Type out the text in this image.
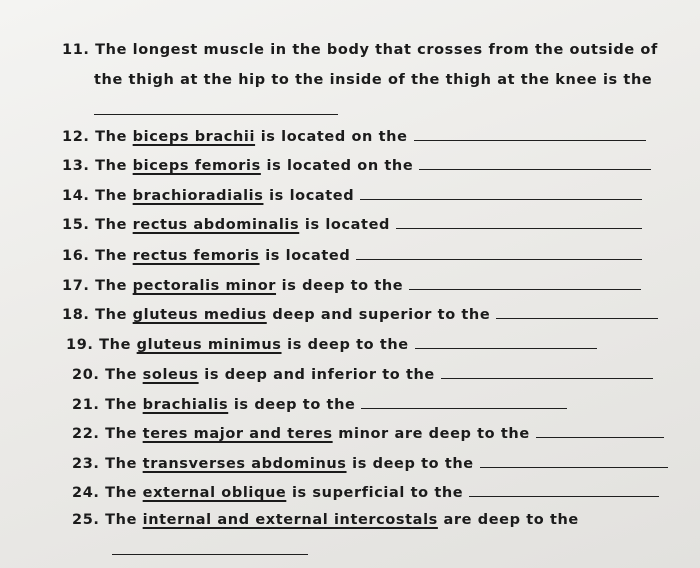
11. The longest muscle in the body that crosses from the outside of
the thigh at the hip to the inside of the thigh at the knee is the
12. The biceps brachii is located on the
13. The biceps femoris is located on the
14. The brachioradialis is located
15. The rectus abdominalis is located
16. The rectus femoris is located
17. The pectoralis minor is deep to the
18. The gluteus medius deep and superior to the
19. The gluteus minimus is deep to the
20. The soleus is deep and inferior to the
21. The brachialis is deep to the
22. The teres major and teres minor are deep to the
23. The transverses abdominus is deep to the
24. The external oblique is superficial to the
25. The internal and external intercostals are deep to the
